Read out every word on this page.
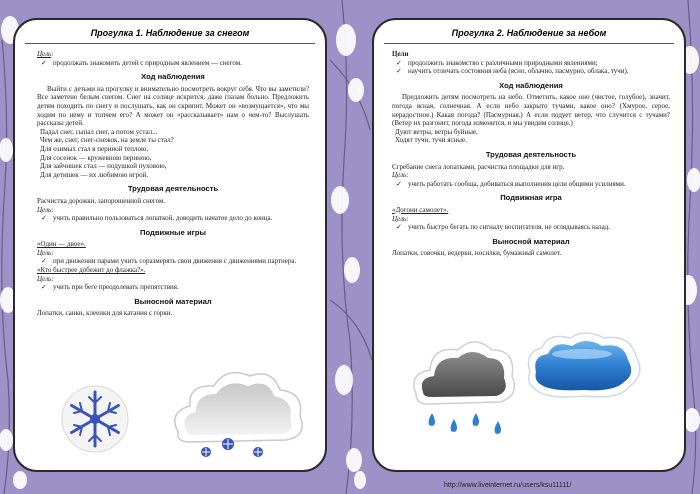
Прогулка 1. Наблюдение за снегом
Цель:
✓ продолжать знакомить детей с природным явлением — снегом.
Ход наблюдения
Выйти с детьми на прогулку и внимательно посмотреть вокруг себя. Что вы заметили? Все заметено белым снегом. Снег на солнце искрится, даже глазам больно. Предложить детям походить по снегу и послушать, как он скрипит. Может он «возмущается», что мы ходим по нему и топчем его? А может он «рассказывает» нам о чем-то? Выслушать рассказы детей.
Падал снег, сыпал снег, а потом устал...
Чем же, снег, снег-снежок, на земле ты стал?
Для озимых стал я периной теплою,
Для сосенок — кружевною периною,
Для зайчишек стал — подушкой пуховою,
Для детишек — их любимою игрой.
Трудовая деятельность
Расчистка дорожки, запорошенной снегом.
Цель:
✓ учить правильно пользоваться лопаткой, доводить начатое дело до конца.
Подвижные игры
«Один — двое».
Цель:
✓ при движении парами учить соразмерять свои движения с движениями партнера.
«Кто быстрее добежит до флажка?».
Цель:
✓ учить при беге преодолевать препятствия.
Выносной материал
Лопатки, санки, клеенки для катания с горки.
Прогулка 2. Наблюдение за небом
Цели
✓ продолжить знакомство с различными природными явлениями;
✓ научить отличать состояния неба (ясно, облачно, пасмурно, облака, тучи).
Ход наблюдения
Предложить детям посмотреть на небо. Отметить, какое оно (чистое, голубое), значит, погода ясная, солнечная. А если небо закрыто тучами, какое оно? (Хмурое, серое, нерадостное.) Какая погода? (Пасмурная.) А если подует ветер, что случится с тучами? (Ветер их разгонит, погода изменится, и мы увидим солнце.)
Дуют ветры, ветры буйные,
Ходят тучи, тучи ясные.
Трудовая деятельность
Сгребание снега лопатками, расчистка площадки для игр.
Цель:
✓ учить работать сообща, добиваться выполнения цели общими усилиями.
Подвижная игра
«Догони самолет».
Цель:
✓ учить быстро бегать по сигналу воспитателя, не оглядываясь назад.
Выносной материал
Лопатки, совочки, ведерки, носилки, бумажный самолет.
http://www.liveinternet.ru/users/ksu11111/
